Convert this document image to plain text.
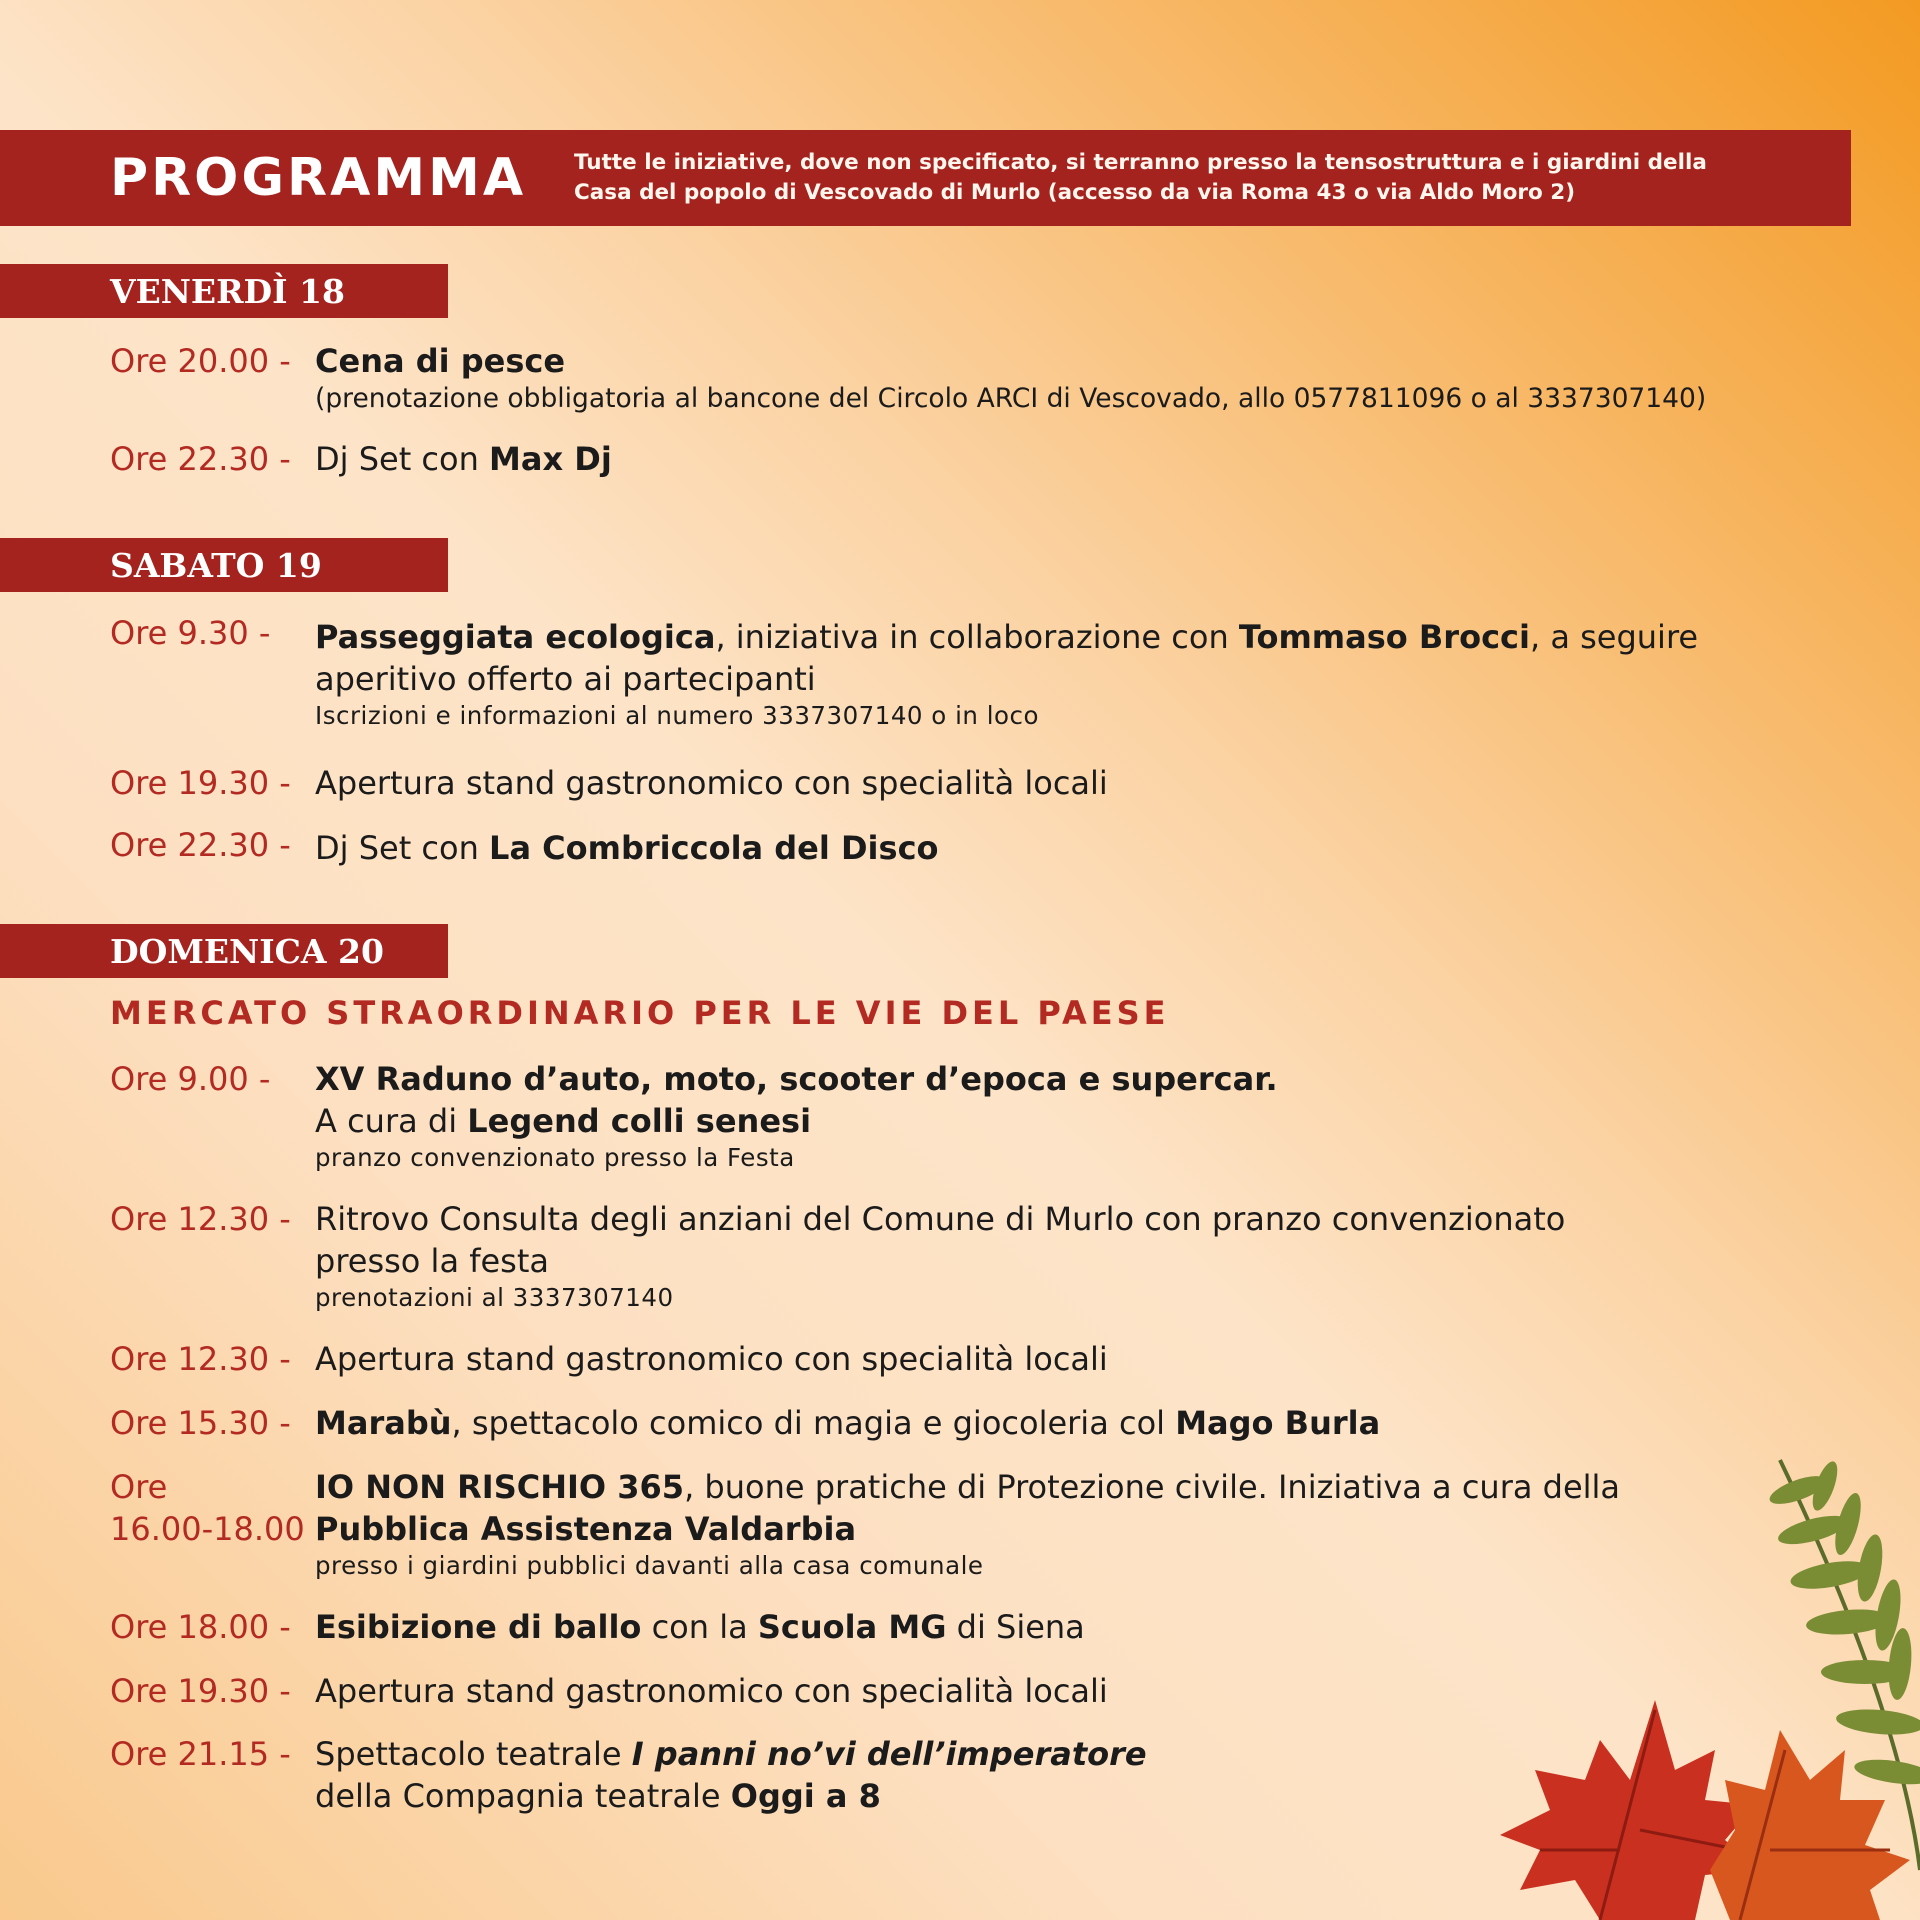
PROGRAMMA	Tutte le iniziative, dove non specificato, si terranno presso la tensostruttura e i giardini della
Casa del popolo di Vescovado di Murlo (accesso da via Roma 43 o via Aldo Moro 2)
VENERDÌ 18
Ore 20.00 - Cena di pesce
(prenotazione obbligatoria al bancone del Circolo ARCI di Vescovado, allo 0577811096 o al 3337307140)
Ore 22.30 - Dj Set con Max Dj
SABATO 19
Ore 9.30 - Passeggiata ecologica, iniziativa in collaborazione con Tommaso Brocci, a seguire
aperitivo offerto ai partecipanti
Iscrizioni e informazioni al numero 3337307140 o in loco
Ore 19.30 - Apertura stand gastronomico con specialità locali
Ore 22.30 - Dj Set con La Combriccola del Disco
DOMENICA 20
MERCATO STRAORDINARIO PER LE VIE DEL PAESE
Ore 9.00 - XV Raduno d’auto, moto, scooter d’epoca e supercar.
A cura di Legend colli senesi
pranzo convenzionato presso la Festa
Ore 12.30 - Ritrovo Consulta degli anziani del Comune di Murlo con pranzo convenzionato
presso la festa
prenotazioni al 3337307140
Ore 12.30 - Apertura stand gastronomico con specialità locali
Ore 15.30 - Marabù, spettacolo comico di magia e giocoleria col Mago Burla
Ore
16.00-18.00
IO NON RISCHIO 365, buone pratiche di Protezione civile. Iniziativa a cura della
Pubblica Assistenza Valdarbia
presso i giardini pubblici davanti alla casa comunale
Ore 18.00 - Esibizione di ballo con la Scuola MG di Siena
Ore 19.30 - Apertura stand gastronomico con specialità locali
Ore 21.15 - Spettacolo teatrale I panni no’vi dell’imperatore
della Compagnia teatrale Oggi a 8
